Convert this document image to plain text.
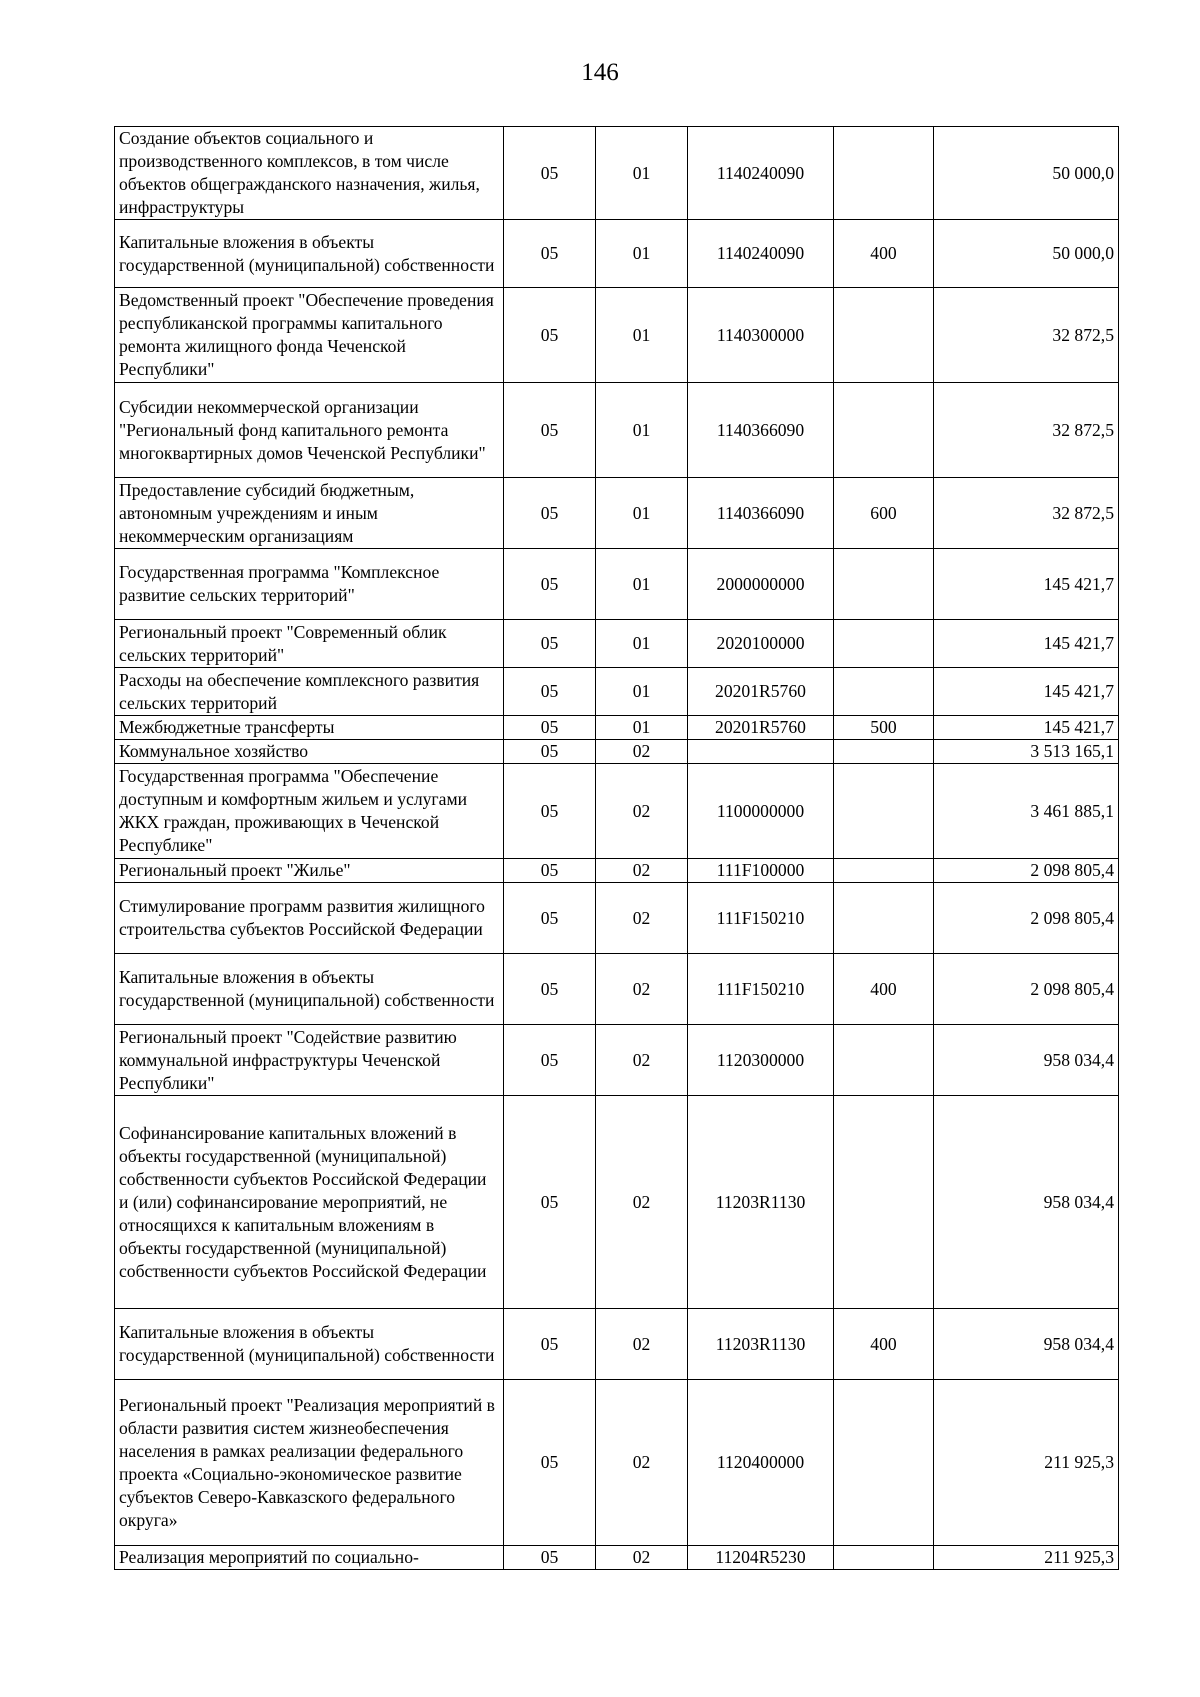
146
Создание объектов социального и производственного комплексов, в том числе объектов общегражданского назначения, жилья, инфраструктуры	05	01	1140240090		50 000,0
Капитальные вложения в объекты государственной (муниципальной) собственности	05	01	1140240090	400	50 000,0
Ведомственный проект "Обеспечение проведения республиканской программы капитального ремонта жилищного фонда Чеченской Республики"	05	01	1140300000		32 872,5
Субсидии некоммерческой организации "Региональный фонд капитального ремонта многоквартирных домов Чеченской Республики"	05	01	1140366090		32 872,5
Предоставление субсидий бюджетным, автономным учреждениям и иным некоммерческим организациям	05	01	1140366090	600	32 872,5
Государственная программа "Комплексное развитие сельских территорий"	05	01	2000000000		145 421,7
Региональный проект "Современный облик сельских территорий"	05	01	2020100000		145 421,7
Расходы на обеспечение комплексного развития сельских территорий	05	01	20201R5760		145 421,7
Межбюджетные трансферты	05	01	20201R5760	500	145 421,7
Коммунальное хозяйство	05	02			3 513 165,1
Государственная программа "Обеспечение доступным и комфортным жильем и услугами ЖКХ граждан, проживающих в Чеченской Республике"	05	02	1100000000		3 461 885,1
Региональный проект "Жилье"	05	02	111F100000		2 098 805,4
Стимулирование программ развития жилищного строительства субъектов Российской Федерации	05	02	111F150210		2 098 805,4
Капитальные вложения в объекты государственной (муниципальной) собственности	05	02	111F150210	400	2 098 805,4
Региональный проект "Содействие развитию коммунальной инфраструктуры Чеченской Республики"	05	02	1120300000		958 034,4
Софинансирование капитальных вложений в объекты государственной (муниципальной) собственности субъектов Российской Федерации и (или) софинансирование мероприятий, не относящихся к капитальным вложениям в объекты государственной (муниципальной) собственности субъектов Российской Федерации	05	02	11203R1130		958 034,4
Капитальные вложения в объекты государственной (муниципальной) собственности	05	02	11203R1130	400	958 034,4
Региональный проект "Реализация мероприятий в области развития систем жизнеобеспечения населения в рамках реализации федерального проекта «Социально-экономическое развитие субъектов Северо-Кавказского федерального округа»	05	02	1120400000		211 925,3
Реализация мероприятий по социально-	05	02	11204R5230		211 925,3
